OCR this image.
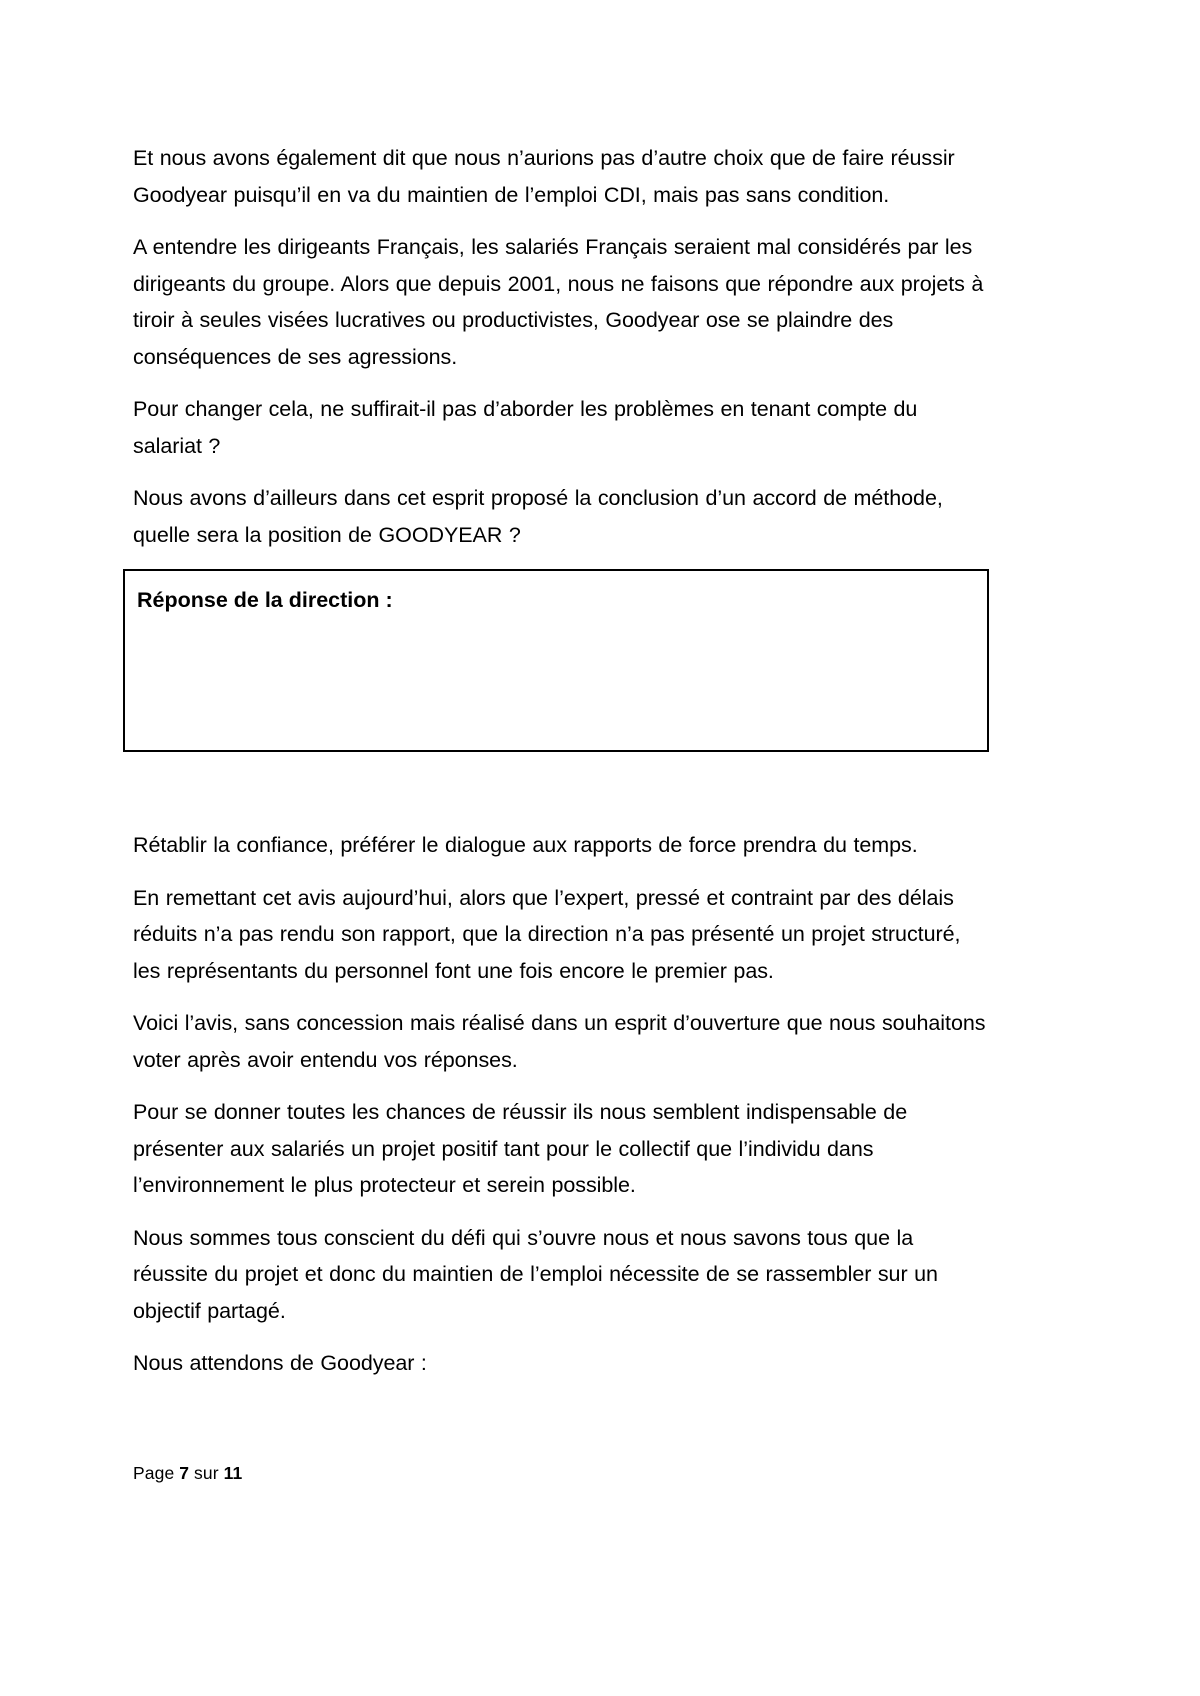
Et nous avons également dit que nous n’aurions pas d’autre choix que de faire réussir Goodyear puisqu’il en va du maintien de l’emploi CDI, mais pas sans condition.

A entendre les dirigeants Français, les salariés Français seraient mal considérés par les dirigeants du groupe. Alors que depuis 2001, nous ne faisons que répondre aux projets à tiroir à seules visées lucratives ou productivistes, Goodyear ose se plaindre des conséquences de ses agressions.

Pour changer cela, ne suffirait-il pas d’aborder les problèmes en tenant compte du salariat ?

Nous avons d’ailleurs dans cet esprit proposé la conclusion d’un accord de méthode, quelle sera la position de GOODYEAR ?

Réponse de la direction :

Rétablir la confiance, préférer le dialogue aux rapports de force prendra du temps.

En remettant cet avis aujourd’hui, alors que l’expert, pressé et contraint par des délais réduits n’a pas rendu son rapport, que la direction n’a pas présenté un projet structuré, les représentants du personnel font une fois encore le premier pas.

Voici l’avis, sans concession mais réalisé dans un esprit d’ouverture que nous souhaitons voter après avoir entendu vos réponses.

Pour se donner toutes les chances de réussir ils nous semblent indispensable de présenter aux salariés un projet positif tant pour le collectif que l’individu dans l’environnement le plus protecteur et serein possible.

Nous sommes tous conscient du défi qui s’ouvre nous et nous savons tous que la réussite du projet et donc du maintien de l’emploi nécessite de se rassembler sur un objectif partagé.

Nous attendons de Goodyear :

Page 7 sur 11
